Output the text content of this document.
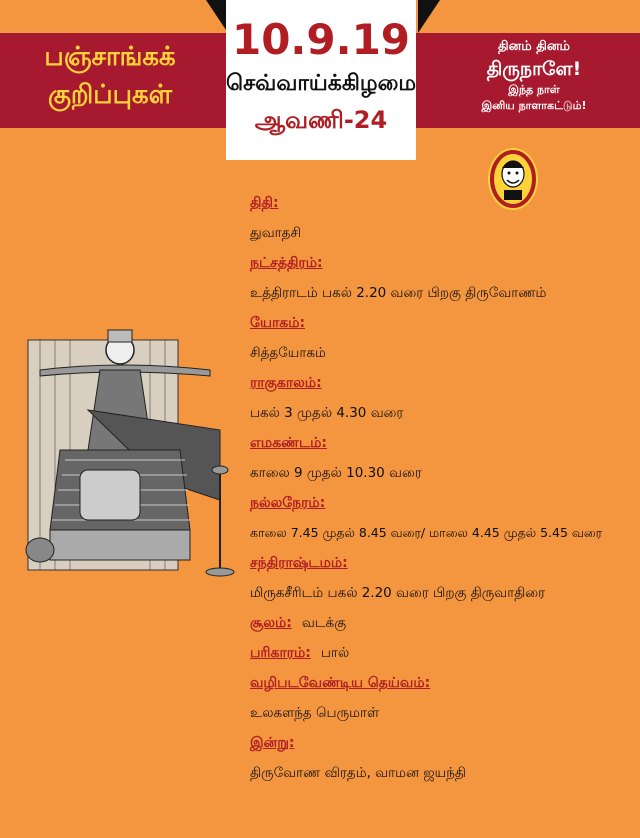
பஞ்சாங்கக்
குறிப்புகள்
10.9.19
செவ்வாய்க்கிழமை
ஆவணி-24
தினம் தினம்
திருநாளே!
இந்த நாள்
இனிய நாளாகட்டும்!
திதி:
துவாதசி
நட்சத்திரம்:
உத்திராடம் பகல் 2.20 வரை பிறகு திருவோணம்
யோகம்:
சித்தயோகம்
ராகுகாலம்:
பகல் 3 முதல் 4.30 வரை
எமகண்டம்:
காலை 9 முதல் 10.30 வரை
நல்லநேரம்:
காலை 7.45 முதல் 8.45 வரை/ மாலை 4.45 முதல் 5.45 வரை
சந்திராஷ்டமம்:
மிருகசீரிடம் பகல் 2.20 வரை பிறகு திருவாதிரை
சூலம்: வடக்கு
பரிகாரம்: பால்
வழிபடவேண்டிய தெய்வம்:
உலகளந்த பெருமாள்
இன்று:
திருவோண விரதம், வாமன ஜயந்தி
